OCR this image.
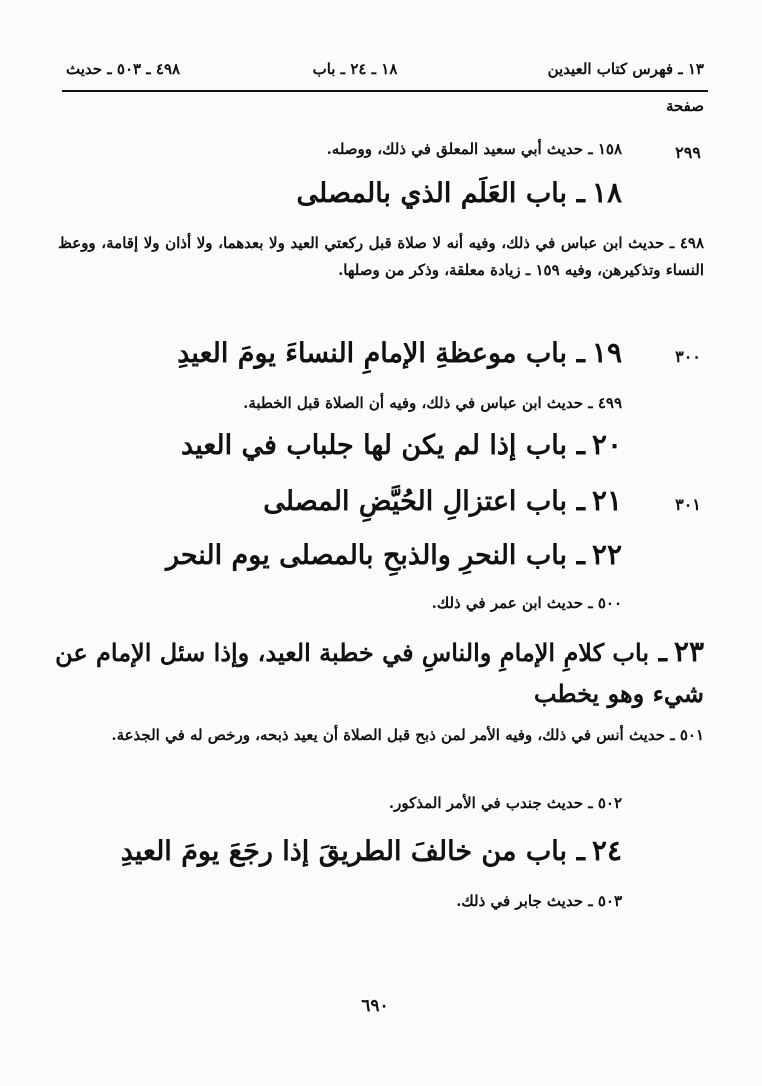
١٣ ـ فهرس كتاب العيدين
١٨ ـ ٢٤ ـ باب
٤٩٨ ـ ٥٠٣ ـ حديث
صفحة
٢٩٩
٣٠٠
٣٠١
١٥٨ ـ حديث أبي سعيد المعلق في ذلك، ووصله.
١٨ ـ باب العَلَم الذي بالمصلى
٤٩٨ ـ حديث ابن عباس في ذلك، وفيه أنه لا صلاة قبل ركعتي العيد ولا بعدهما، ولا أذان ولا إقامة، ووعظ النساء وتذكيرهن، وفيه ١٥٩ ـ زيادة معلقة، وذكر من وصلها.
١٩ ـ باب موعظةِ الإمامِ النساءَ يومَ العيدِ
٤٩٩ ـ حديث ابن عباس في ذلك، وفيه أن الصلاة قبل الخطبة.
٢٠ ـ باب إذا لم يكن لها جلباب في العيد
٢١ ـ باب اعتزالِ الحُيَّضِ المصلى
٢٢ ـ باب النحرِ والذبحِ بالمصلى يوم النحر
٥٠٠ ـ حديث ابن عمر في ذلك.
٢٣ ـ باب كلامِ الإمامِ والناسِ في خطبة العيد، وإذا سئل الإمام عن شيء وهو يخطب
٥٠١ ـ حديث أنس في ذلك، وفيه الأمر لمن ذبح قبل الصلاة أن يعيد ذبحه، ورخص له في الجذعة.
٥٠٢ ـ حديث جندب في الأمر المذكور.
٢٤ ـ باب من خالفَ الطريقَ إذا رجَعَ يومَ العيدِ
٥٠٣ ـ حديث جابر في ذلك.
٦٩٠
